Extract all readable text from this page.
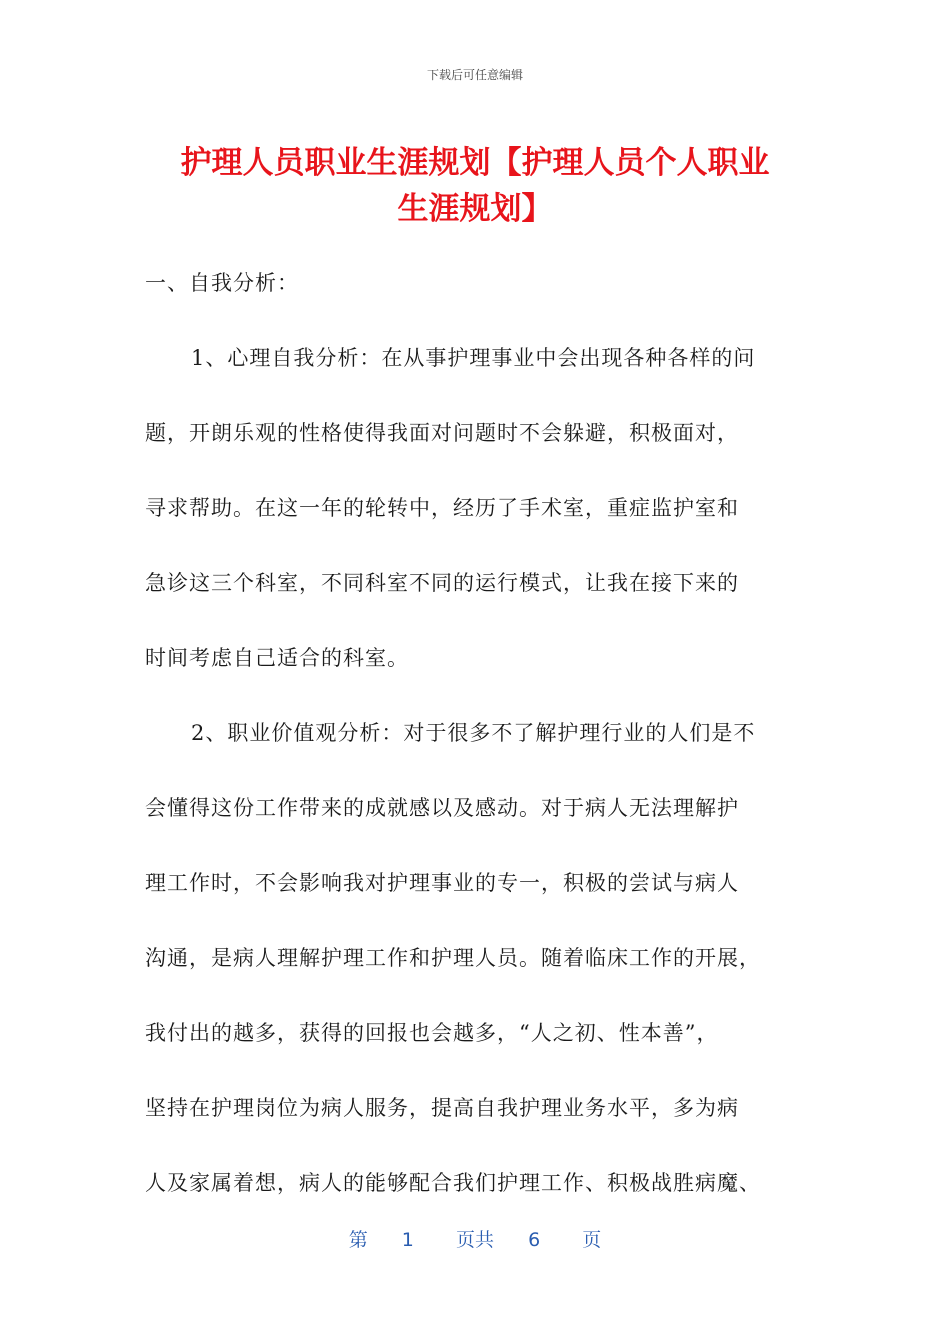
下载后可任意编辑
护理人员职业生涯规划【护理人员个人职业
生涯规划】
一、自我分析：
1、心理自我分析：在从事护理事业中会出现各种各样的问
题，开朗乐观的性格使得我面对问题时不会躲避，积极面对，
寻求帮助。在这一年的轮转中，经历了手术室，重症监护室和
急诊这三个科室，不同科室不同的运行模式，让我在接下来的
时间考虑自己适合的科室。
2、职业价值观分析：对于很多不了解护理行业的人们是不
会懂得这份工作带来的成就感以及感动。对于病人无法理解护
理工作时，不会影响我对护理事业的专一，积极的尝试与病人
沟通，是病人理解护理工作和护理人员。随着临床工作的开展，
我付出的越多，获得的回报也会越多，“人之初、性本善”，
坚持在护理岗位为病人服务，提高自我护理业务水平，多为病
人及家属着想，病人的能够配合我们护理工作、积极战胜病魔、
第 1 页共 6 页
